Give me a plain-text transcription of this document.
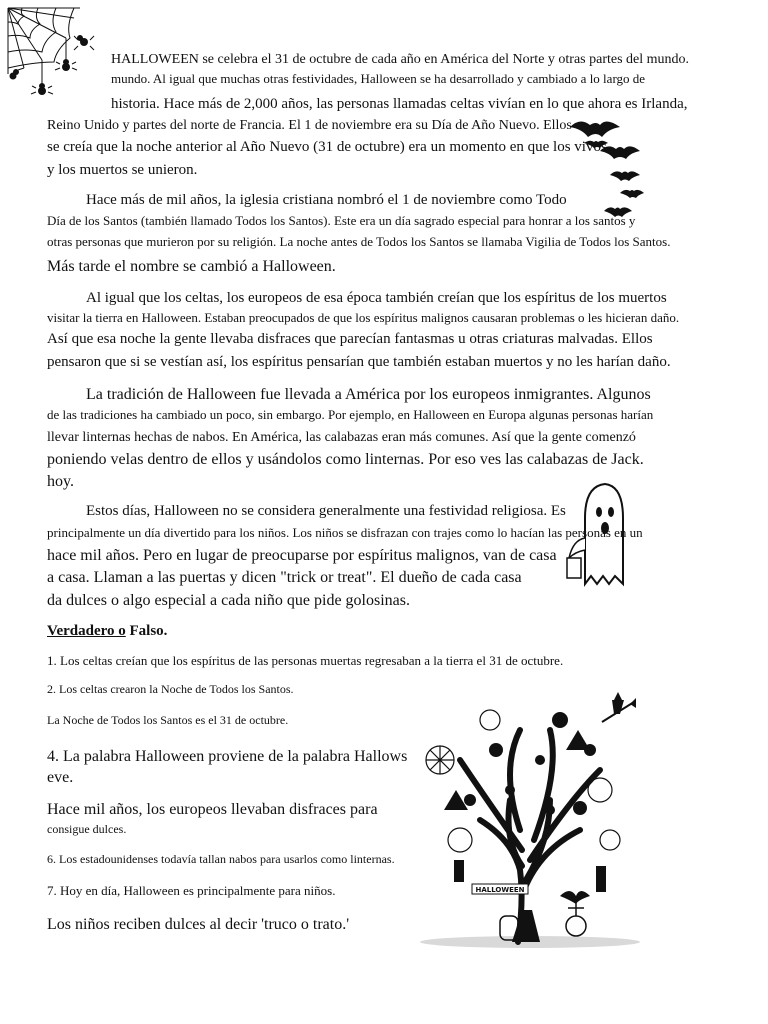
HALLOWEEN
HALLOWEEN se celebra el 31 de octubre de cada año en América del Norte y otras partes del mundo.
mundo. Al igual que muchas otras festividades, Halloween se ha desarrollado y cambiado a lo largo de
historia. Hace más de 2,000 años, las personas llamadas celtas vivían en lo que ahora es Irlanda,
Reino Unido y partes del norte de Francia. El 1 de noviembre era su Día de Año Nuevo. Ellos
se creía que la noche anterior al Año Nuevo (31 de octubre) era un momento en que los vivos
y los muertos se unieron.
Hace más de mil años, la iglesia cristiana nombró el 1 de noviembre como Todo
Día de los Santos (también llamado Todos los Santos). Este era un día sagrado especial para honrar a los santos y
otras personas que murieron por su religión. La noche antes de Todos los Santos se llamaba Vigilia de Todos los Santos.
Más tarde el nombre se cambió a Halloween.
Al igual que los celtas, los europeos de esa época también creían que los espíritus de los muertos
visitar la tierra en Halloween. Estaban preocupados de que los espíritus malignos causaran problemas o les hicieran daño.
Así que esa noche la gente llevaba disfraces que parecían fantasmas u otras criaturas malvadas. Ellos
pensaron que si se vestían así, los espíritus pensarían que también estaban muertos y no les harían daño.
La tradición de Halloween fue llevada a América por los europeos inmigrantes. Algunos
de las tradiciones ha cambiado un poco, sin embargo. Por ejemplo, en Halloween en Europa algunas personas harían
llevar linternas hechas de nabos. En América, las calabazas eran más comunes. Así que la gente comenzó
poniendo velas dentro de ellos y usándolos como linternas. Por eso ves las calabazas de Jack.
hoy.
Estos días, Halloween no se considera generalmente una festividad religiosa. Es
principalmente un día divertido para los niños. Los niños se disfrazan con trajes como lo hacían las personas en un
hace mil años. Pero en lugar de preocuparse por espíritus malignos, van de casa
a casa. Llaman a las puertas y dicen "trick or treat". El dueño de cada casa
da dulces o algo especial a cada niño que pide golosinas.
Verdadero o Falso.
1. Los celtas creían que los espíritus de las personas muertas regresaban a la tierra el 31 de octubre.
2. Los celtas crearon la Noche de Todos los Santos.
La Noche de Todos los Santos es el 31 de octubre.
4. La palabra Halloween proviene de la palabra Hallows
eve.
Hace mil años, los europeos llevaban disfraces para
consigue dulces.
6. Los estadounidenses todavía tallan nabos para usarlos como linternas.
7. Hoy en día, Halloween es principalmente para niños.
Los niños reciben dulces al decir 'truco o trato.'
